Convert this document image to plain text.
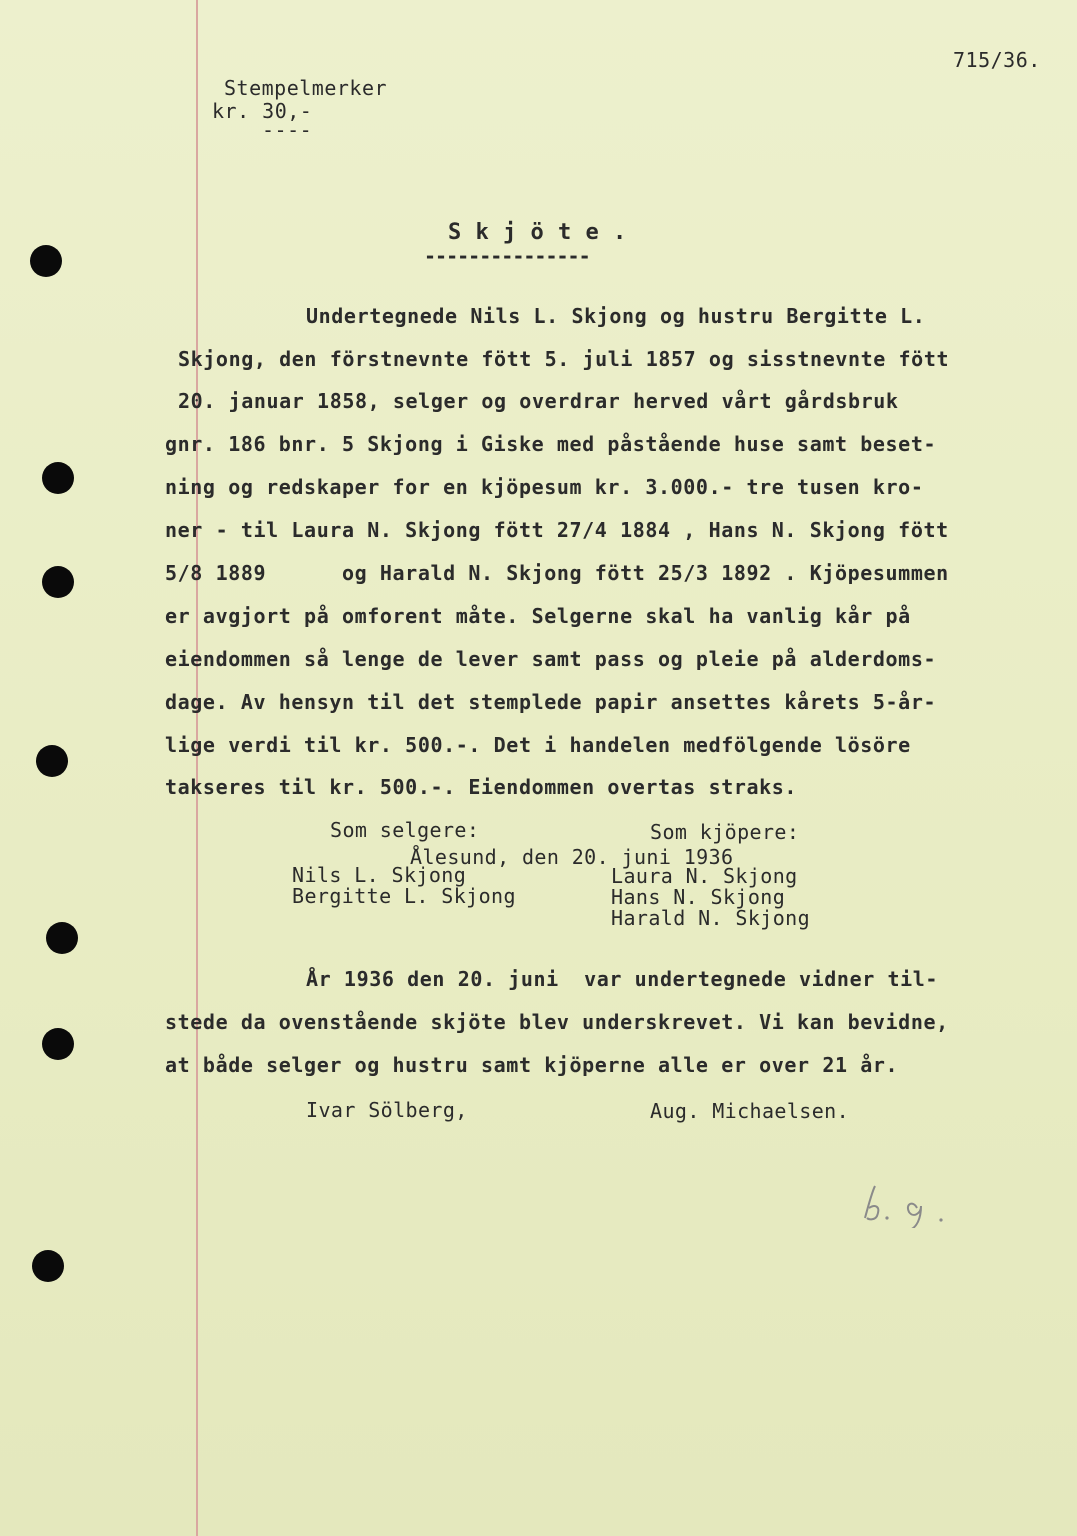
715/36.
Stempelmerker
kr. 30,-
----
S k j ö t e .
---------------
Undertegnede Nils L. Skjong og hustru Bergitte L.
Skjong, den förstnevnte fött 5. juli 1857 og sisstnevnte fött
20. januar 1858, selger og overdrar herved vårt gårdsbruk
gnr. 186 bnr. 5 Skjong i Giske med påstående huse samt beset-
ning og redskaper for en kjöpesum kr. 3.000.- tre tusen kro-
ner - til Laura N. Skjong fött 27/4 1884 , Hans N. Skjong fött
5/8 1889      og Harald N. Skjong fött 25/3 1892 . Kjöpesummen
er avgjort på omforent måte. Selgerne skal ha vanlig kår på
eiendommen så lenge de lever samt pass og pleie på alderdoms-
dage. Av hensyn til det stemplede papir ansettes kårets 5-år-
lige verdi til kr. 500.-. Det i handelen medfölgende lösöre
takseres til kr. 500.-. Eiendommen overtas straks.
Som selgere:	Som kjöpere:
Ålesund, den 20. juni 1936
Nils L. Skjong
Bergitte L. Skjong
Laura N. Skjong
Hans N. Skjong
Harald N. Skjong
År 1936 den 20. juni  var undertegnede vidner til-
stede da ovenstående skjöte blev underskrevet. Vi kan bevidne,
at både selger og hustru samt kjöperne alle er over 21 år.
Ivar Sölberg,	Aug. Michaelsen.
